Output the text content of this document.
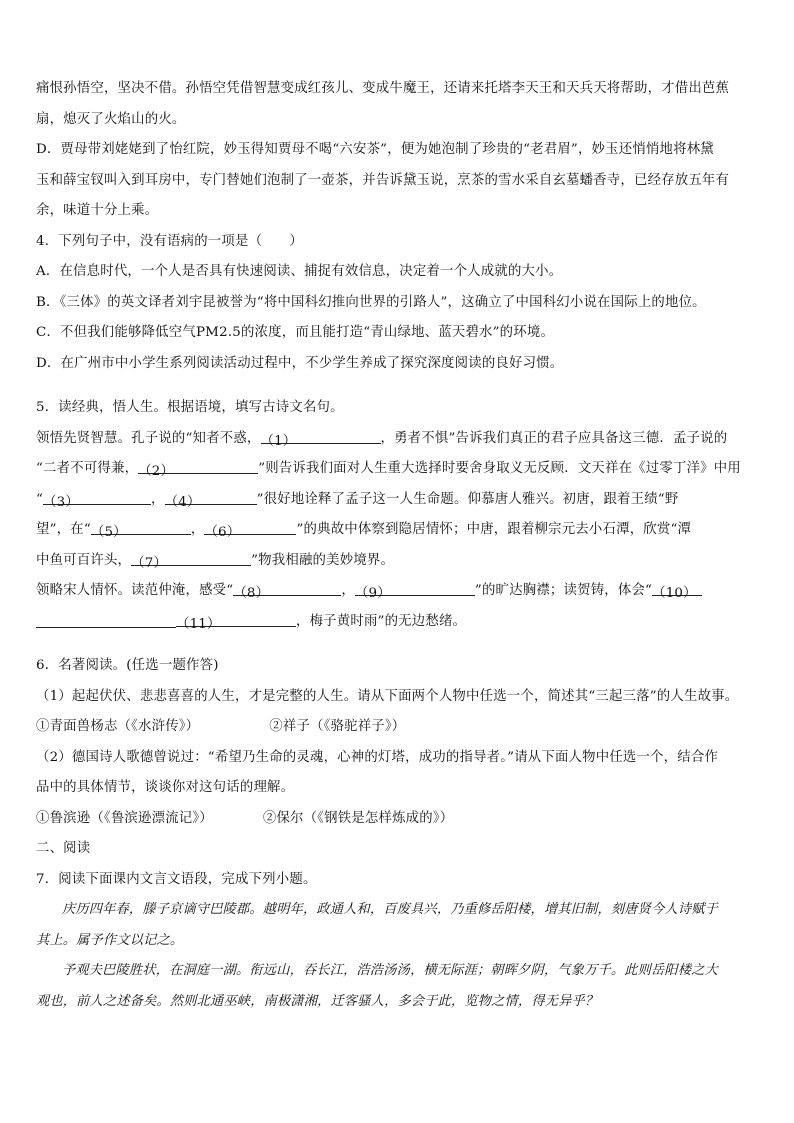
痛恨孙悟空，坚决不借。孙悟空凭借智慧变成红孩儿、变成牛魔王，还请来托塔李天王和天兵天将帮助，才借出芭蕉
扇，熄灭了火焰山的火。
D．贾母带刘姥姥到了怡红院，妙玉得知贾母不喝“六安茶”，便为她泡制了珍贵的“老君眉”，妙玉还悄悄地将林黛
玉和薛宝钗叫入到耳房中，专门替她们泡制了一壶茶，并告诉黛玉说，烹茶的雪水采自玄墓蟠香寺，已经存放五年有
余，味道十分上乘。
4．下列句子中，没有语病的一项是（　　）
A．在信息时代，一个人是否具有快速阅读、捕捉有效信息，决定着一个人成就的大小。
B．《三体》的英文译者刘宇昆被誉为“将中国科幻推向世界的引路人”，这确立了中国科幻小说在国际上的地位。
C．不但我们能够降低空气PM2.5的浓度，而且能打造“青山绿地、蓝天碧水”的环境。
D．在广州市中小学生系列阅读活动过程中，不少学生养成了探究深度阅读的良好习惯。
5．读经典，悟人生。根据语境，填写古诗文名句。
领悟先贤智慧。孔子说的“知者不惑，（1）	，勇者不惧”告诉我们真正的君子应具备这三德．孟子说的
“二者不可得兼，（2）	”则告诉我们面对人生重大选择时要舍身取义无反顾．文天祥在《过零丁洋》中用
“（3）	，（4）	”很好地诠释了孟子这一人生命题。仰慕唐人雅兴。初唐，跟着王绩“野
望”，在“（5）	，（6）	”的典故中体察到隐居情怀；中唐，跟着柳宗元去小石潭，欣赏“潭
中鱼可百许头，（7）	”物我相融的美妙境界。
领略宋人情怀。读范仲淹，感受“（8）	，（9）	”的旷达胸襟；读贺铸，体会“（10）
（11）	，梅子黄时雨”的无边愁绪。
6．名著阅读。(任选一题作答)
（1）起起伏伏、悲悲喜喜的人生，才是完整的人生。请从下面两个人物中任选一个，简述其“三起三落”的人生故事。
①青面兽杨志（《水浒传》）	②祥子（《骆驼祥子》）
（2）德国诗人歌德曾说过：“希望乃生命的灵魂，心神的灯塔，成功的指导者。”请从下面人物中任选一个，结合作
品中的具体情节，谈谈你对这句话的理解。
①鲁滨逊（《鲁滨逊漂流记》）	②保尔（《钢铁是怎样炼成的》）
二、阅读
7．阅读下面课内文言文语段，完成下列小题。
庆历四年春，滕子京谪守巴陵郡。越明年，政通人和，百废具兴，乃重修岳阳楼，增其旧制，刻唐贤今人诗赋于
其上。属予作文以记之。
予观夫巴陵胜状，在洞庭一湖。衔远山，吞长江，浩浩汤汤，横无际涯；朝晖夕阴，气象万千。此则岳阳楼之大
观也，前人之述备矣。然则北通巫峡，南极潇湘，迁客骚人，多会于此，览物之情，得无异乎？
